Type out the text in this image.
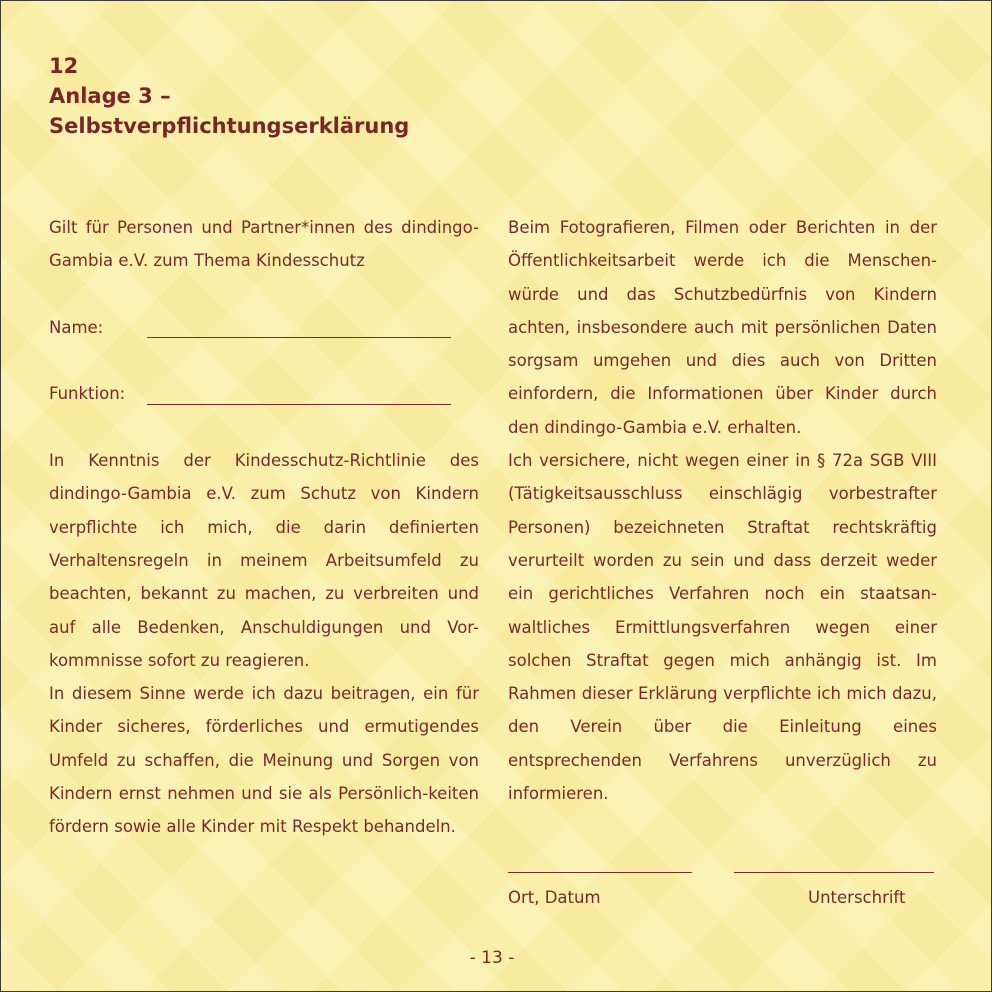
12
Anlage 3 –
Selbstverpflichtungserklärung

Gilt für Personen und Partner*innen des dindingo-Gambia e.V. zum Thema Kindesschutz

Name:
Funktion:

In Kenntnis der Kindesschutz-Richtlinie des dindingo-Gambia e.V. zum Schutz von Kindern verpflichte ich mich, die darin definierten Verhaltensregeln in meinem Arbeitsumfeld zu beachten, bekannt zu machen, zu verbreiten und auf alle Bedenken, Anschuldigungen und Vor-kommnisse sofort zu reagieren.

In diesem Sinne werde ich dazu beitragen, ein für Kinder sicheres, förderliches und ermutigendes Umfeld zu schaffen, die Meinung und Sorgen von Kindern ernst nehmen und sie als Persönlich-keiten fördern sowie alle Kinder mit Respekt behandeln.

Beim Fotografieren, Filmen oder Berichten in der Öffentlichkeitsarbeit werde ich die Menschen-würde und das Schutzbedürfnis von Kindern achten, insbesondere auch mit persönlichen Daten sorgsam umgehen und dies auch von Dritten einfordern, die Informationen über Kinder durch den dindingo-Gambia e.V. erhalten.

Ich versichere, nicht wegen einer in § 72a SGB VIII (Tätigkeitsausschluss einschlägig vorbestrafter Personen) bezeichneten Straftat rechtskräftig verurteilt worden zu sein und dass derzeit weder ein gerichtliches Verfahren noch ein staatsan-waltliches Ermittlungsverfahren wegen einer solchen Straftat gegen mich anhängig ist. Im Rahmen dieser Erklärung verpflichte ich mich dazu, den Verein über die Einleitung eines entsprechenden Verfahrens unverzüglich zu informieren.

Ort, Datum	Unterschrift
- 13 -
